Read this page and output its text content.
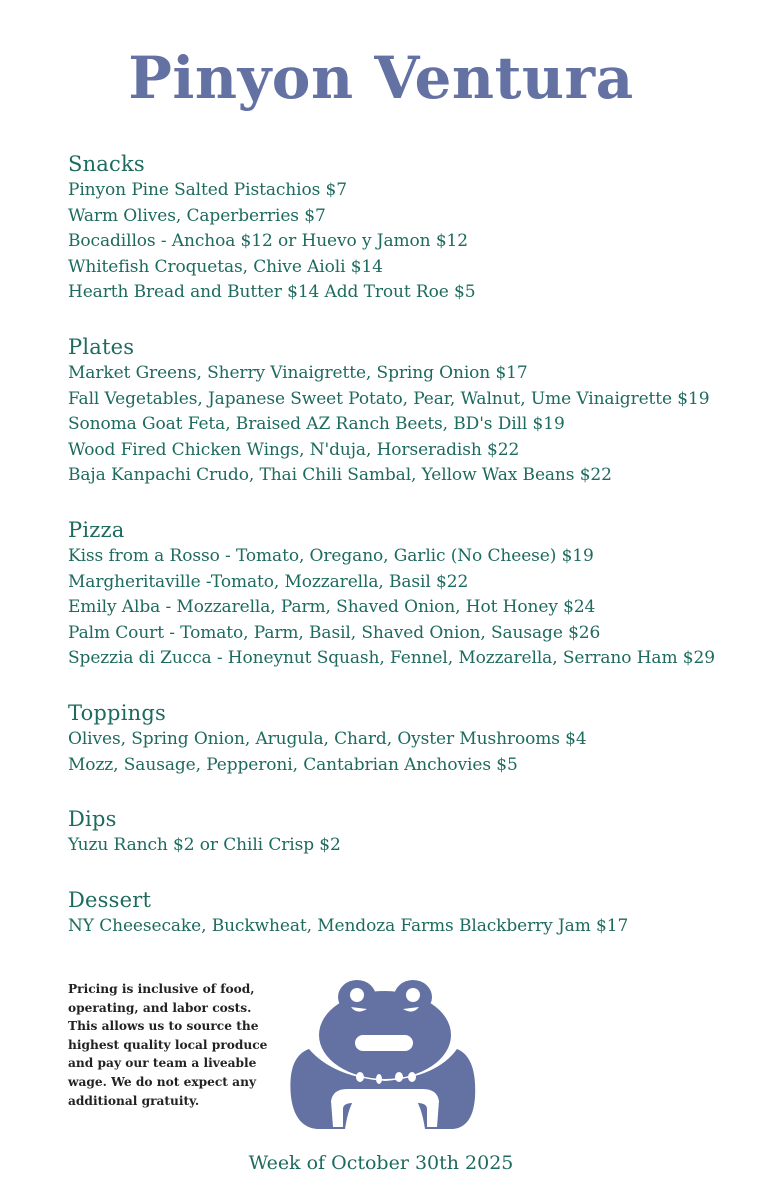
Pinyon Ventura
Snacks
Pinyon Pine Salted Pistachios $7
Warm Olives, Caperberries $7
Bocadillos - Anchoa $12 or Huevo y Jamon $12
Whitefish Croquetas, Chive Aioli $14
Hearth Bread and Butter $14 Add Trout Roe $5
Plates
Market Greens, Sherry Vinaigrette, Spring Onion $17
Fall Vegetables, Japanese Sweet Potato, Pear, Walnut, Ume Vinaigrette $19
Sonoma Goat Feta, Braised AZ Ranch Beets, BD's Dill $19
Wood Fired Chicken Wings, N'duja, Horseradish $22
Baja Kanpachi Crudo, Thai Chili Sambal, Yellow Wax Beans $22
Pizza
Kiss from a Rosso - Tomato, Oregano, Garlic (No Cheese) $19
Margheritaville -Tomato, Mozzarella, Basil $22
Emily Alba - Mozzarella, Parm, Shaved Onion, Hot Honey $24
Palm Court - Tomato, Parm, Basil, Shaved Onion, Sausage $26
Spezzia di Zucca - Honeynut Squash, Fennel, Mozzarella, Serrano Ham $29
Toppings
Olives, Spring Onion, Arugula, Chard, Oyster Mushrooms $4
Mozz, Sausage, Pepperoni, Cantabrian Anchovies $5
Dips
Yuzu Ranch $2 or Chili Crisp $2
Dessert
NY Cheesecake, Buckwheat, Mendoza Farms Blackberry Jam $17
Pricing is inclusive of food, operating, and labor costs. This allows us to source the highest quality local produce and pay our team a liveable wage. We do not expect any additional gratuity.
Week of October 30th 2025
